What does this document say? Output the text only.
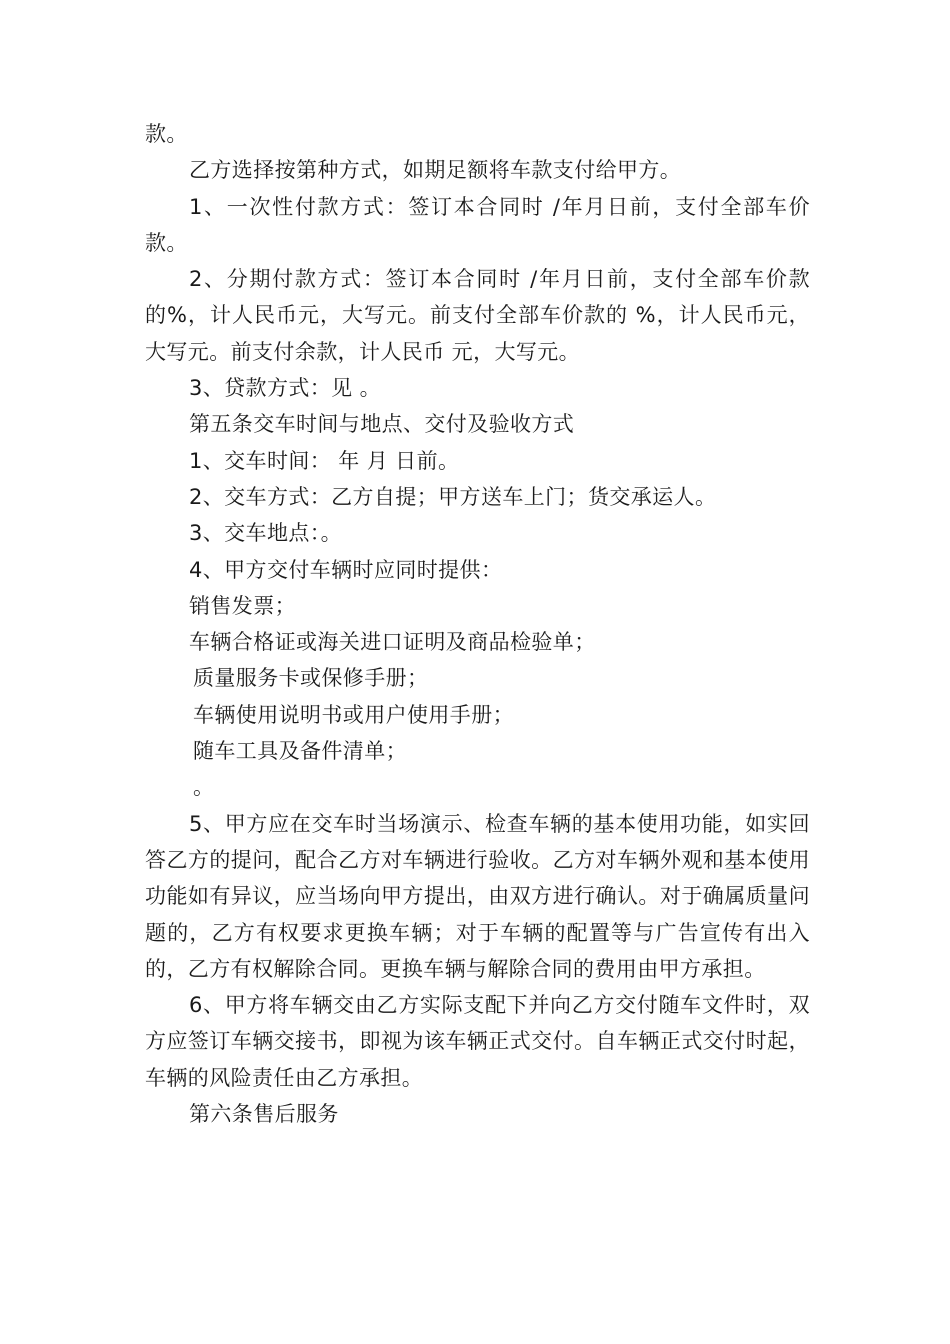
款。

乙方选择按第种方式，如期足额将车款支付给甲方。

1、一次性付款方式：签订本合同时 /年月日前，支付全部车价款。

2、分期付款方式：签订本合同时 /年月日前，支付全部车价款的%，计人民币元，大写元。前支付全部车价款的 %，计人民币元，大写元。前支付余款，计人民币 元，大写元。

3、贷款方式：见 。

第五条交车时间与地点、交付及验收方式

1、交车时间： 年 月 日前。

2、交车方式：乙方自提；甲方送车上门；货交承运人。

3、交车地点：。

4、甲方交付车辆时应同时提供：

销售发票；

车辆合格证或海关进口证明及商品检验单；

质量服务卡或保修手册；

车辆使用说明书或用户使用手册；

随车工具及备件清单；

。

5、甲方应在交车时当场演示、检查车辆的基本使用功能，如实回答乙方的提问，配合乙方对车辆进行验收。乙方对车辆外观和基本使用功能如有异议，应当场向甲方提出，由双方进行确认。对于确属质量问题的，乙方有权要求更换车辆；对于车辆的配置等与广告宣传有出入的，乙方有权解除合同。更换车辆与解除合同的费用由甲方承担。

6、甲方将车辆交由乙方实际支配下并向乙方交付随车文件时，双方应签订车辆交接书，即视为该车辆正式交付。自车辆正式交付时起，车辆的风险责任由乙方承担。

第六条售后服务
